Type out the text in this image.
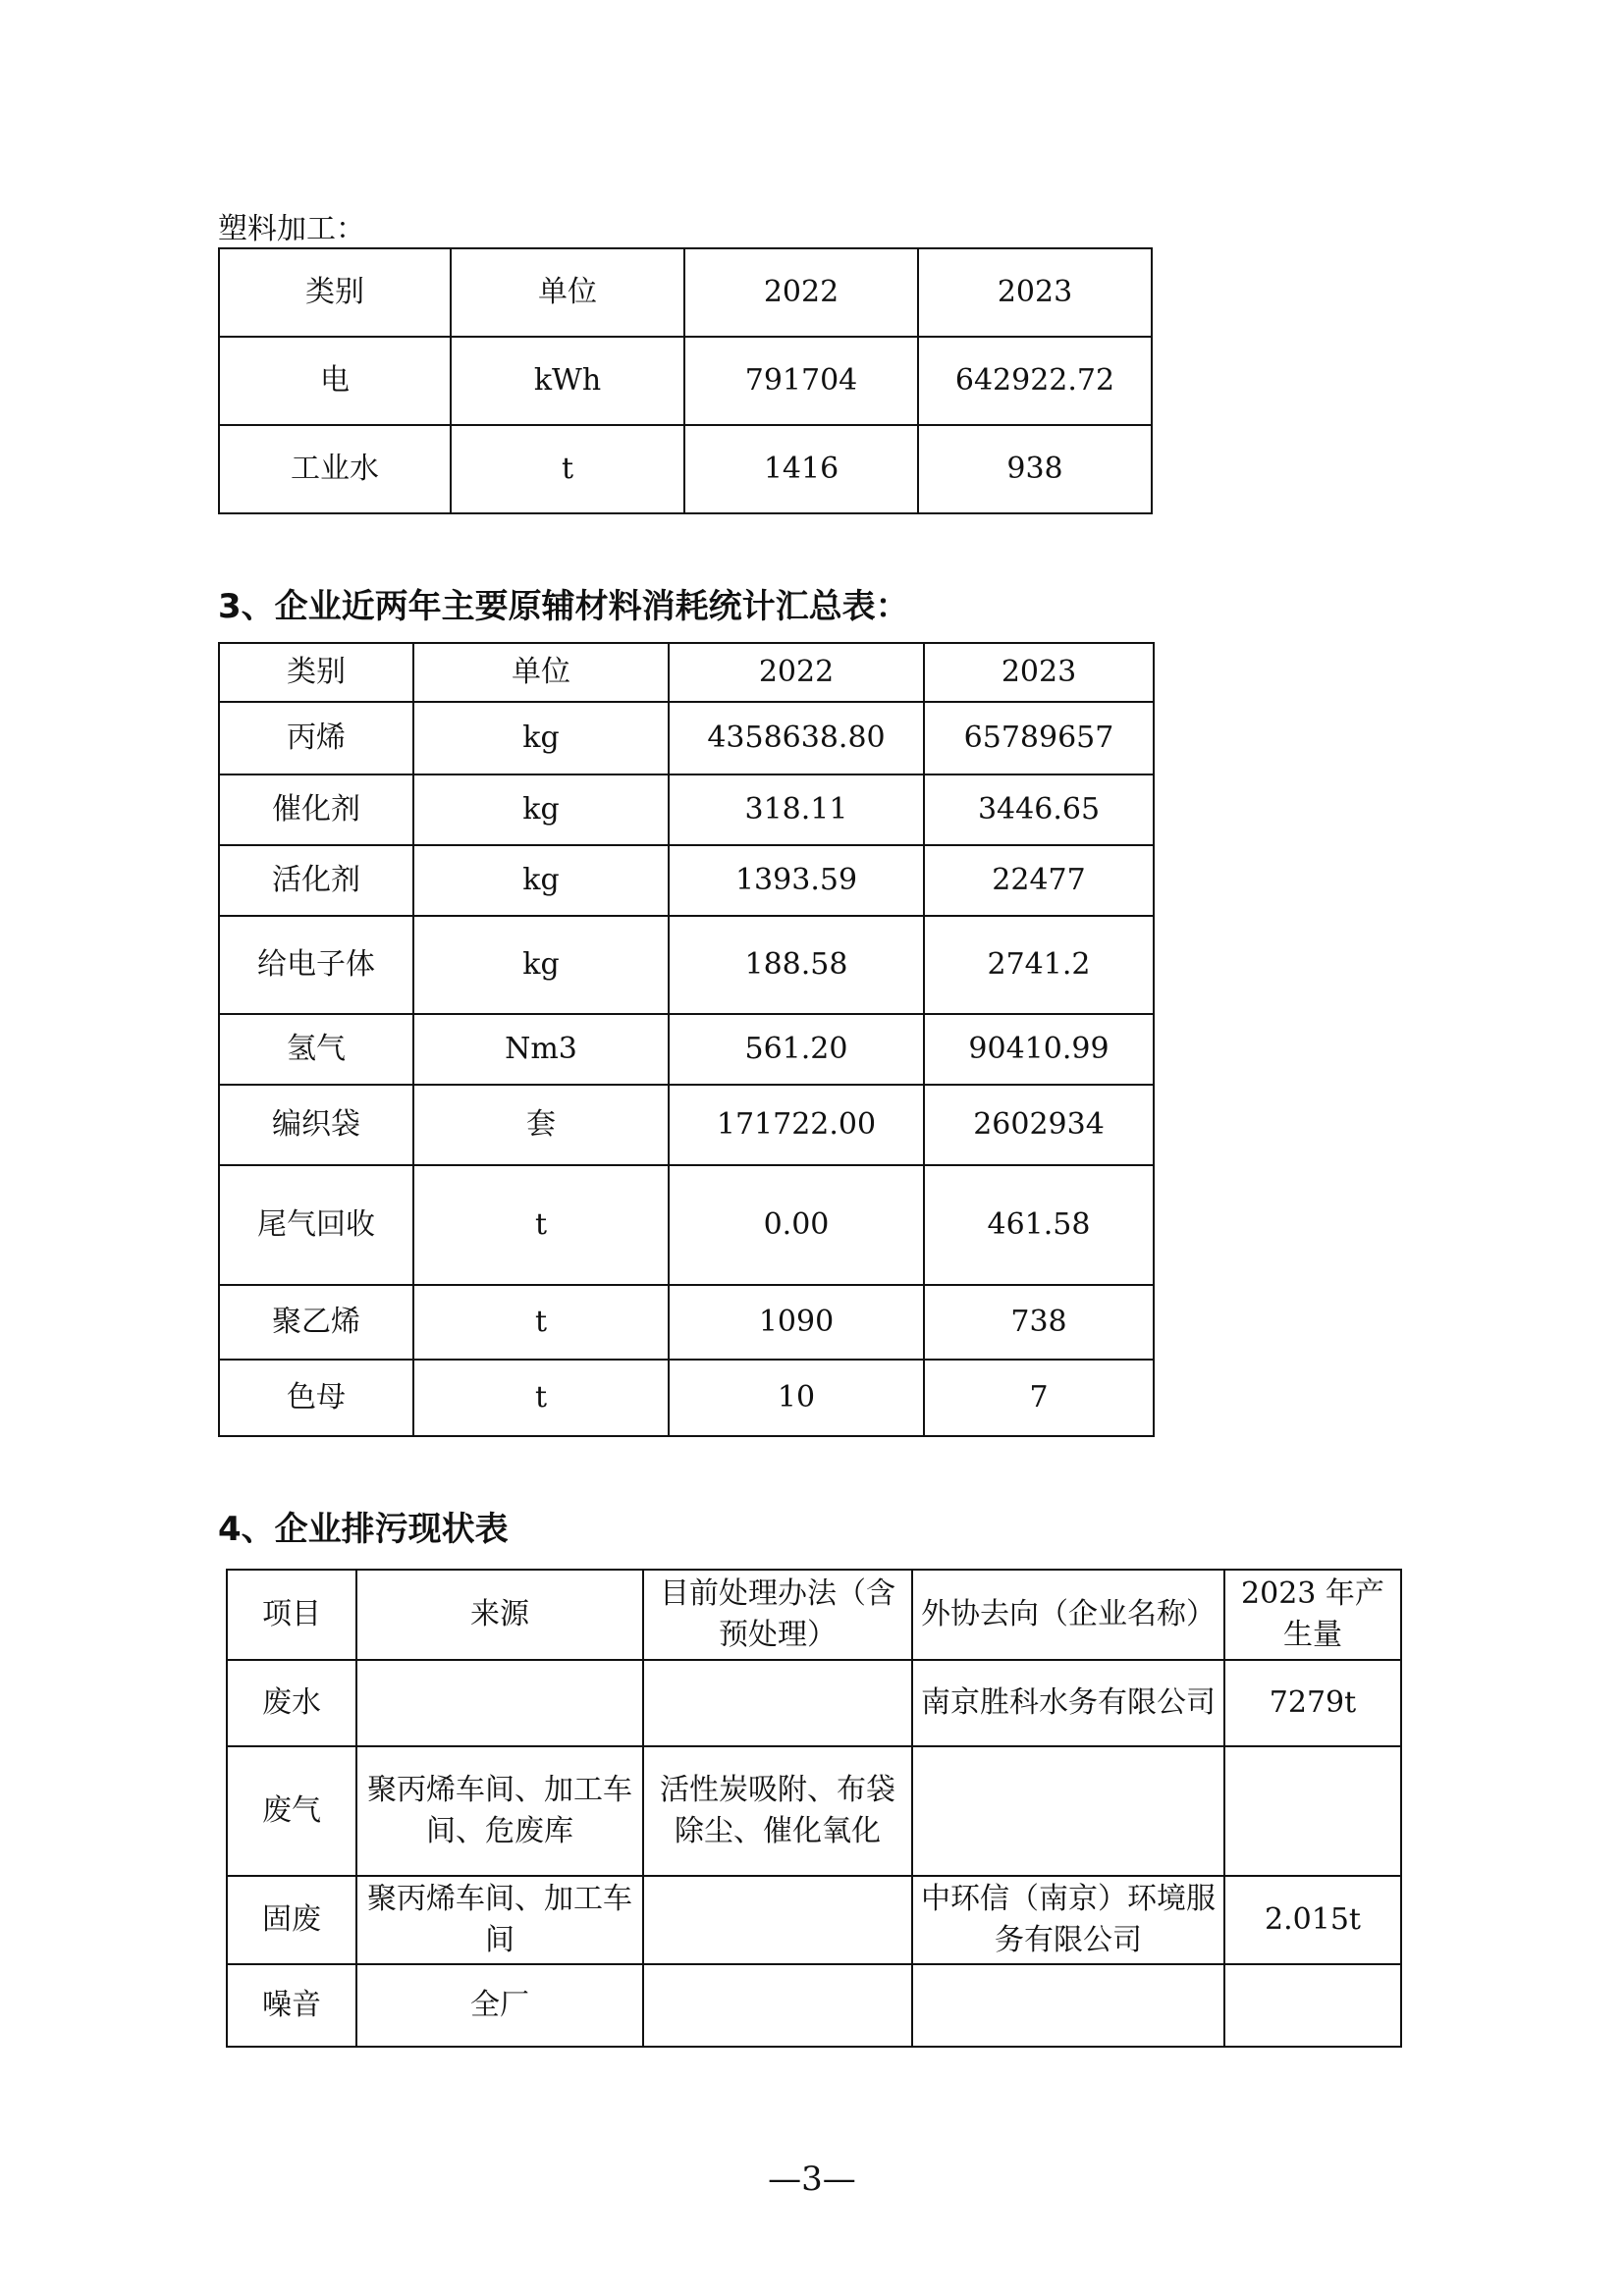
塑料加工：
类别	单位	2022	2023
电	kWh	791704	642922.72
工业水	t	1416	938
3、企业近两年主要原辅材料消耗统计汇总表：
类别	单位	2022	2023
丙烯	kg	4358638.80	65789657
催化剂	kg	318.11	3446.65
活化剂	kg	1393.59	22477
给电子体	kg	188.58	2741.2
氢气	Nm3	561.20	90410.99
编织袋	套	171722.00	2602934
尾气回收	t	0.00	461.58
聚乙烯	t	1090	738
色母	t	10	7
4、企业排污现状表
项目	来源	目前处理办法（含预处理）	外协去向（企业名称）	2023 年产生量
废水			南京胜科水务有限公司	7279t
废气	聚丙烯车间、加工车间、危废库	活性炭吸附、布袋除尘、催化氧化		
固废	聚丙烯车间、加工车间		中环信（南京）环境服务有限公司	2.015t
噪音	全厂			
—3—
